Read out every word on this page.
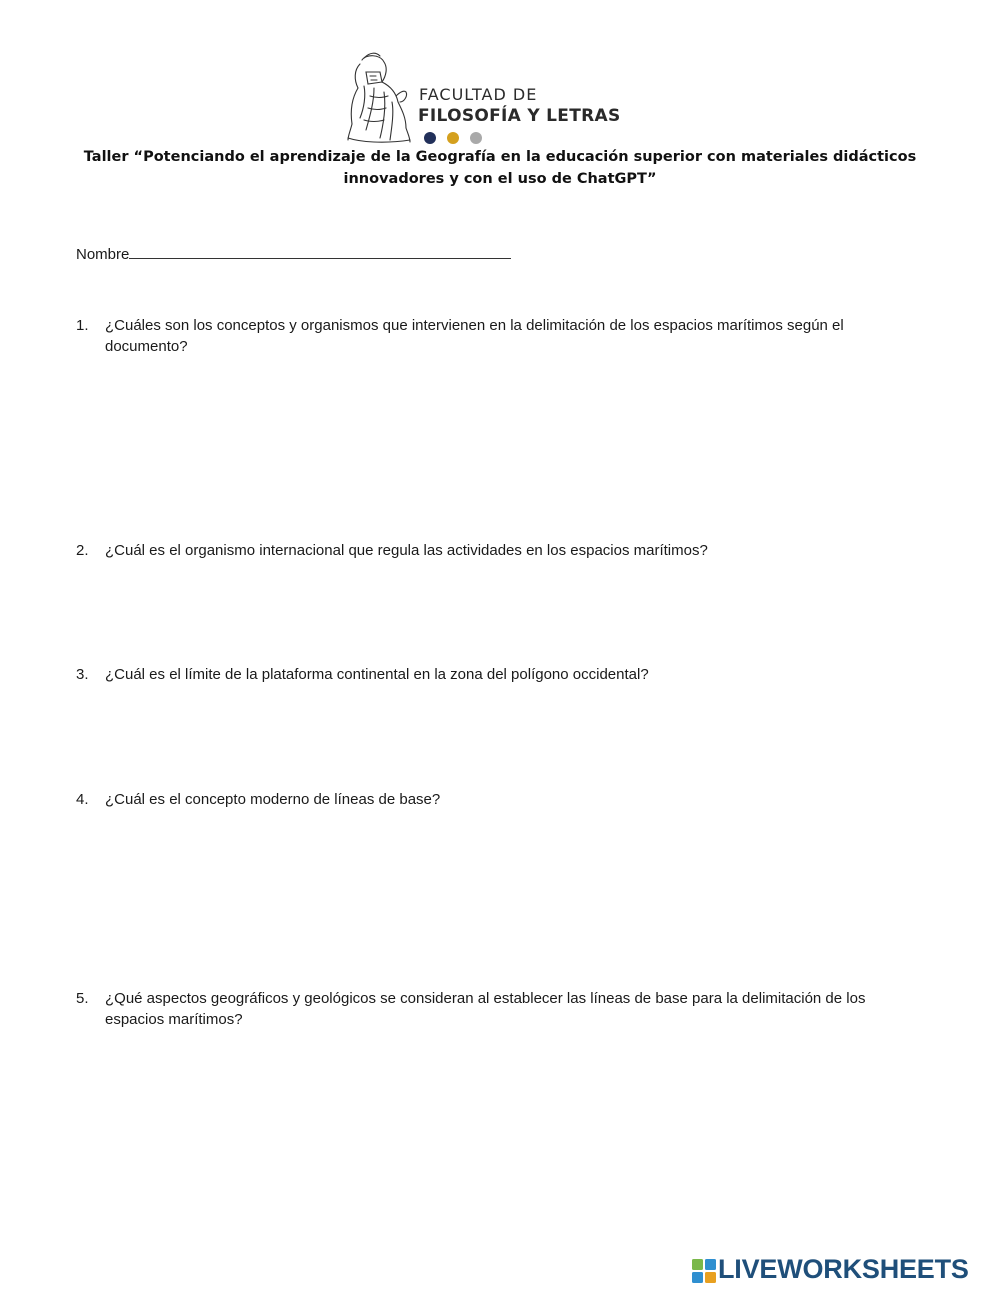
FACULTAD DE
FILOSOFÍA Y LETRAS
Taller “Potenciando el aprendizaje de la Geografía en la educación superior con materiales didácticos
innovadores y con el uso de ChatGPT”
Nombre
1. ¿Cuáles son los conceptos y organismos que intervienen en la delimitación de los espacios marítimos según el documento?
2. ¿Cuál es el organismo internacional que regula las actividades en los espacios marítimos?
3. ¿Cuál es el límite de la plataforma continental en la zona del polígono occidental?
4. ¿Cuál es el concepto moderno de líneas de base?
5. ¿Qué aspectos geográficos y geológicos se consideran al establecer las líneas de base para la delimitación de los espacios marítimos?
LIVEWORKSHEETS
